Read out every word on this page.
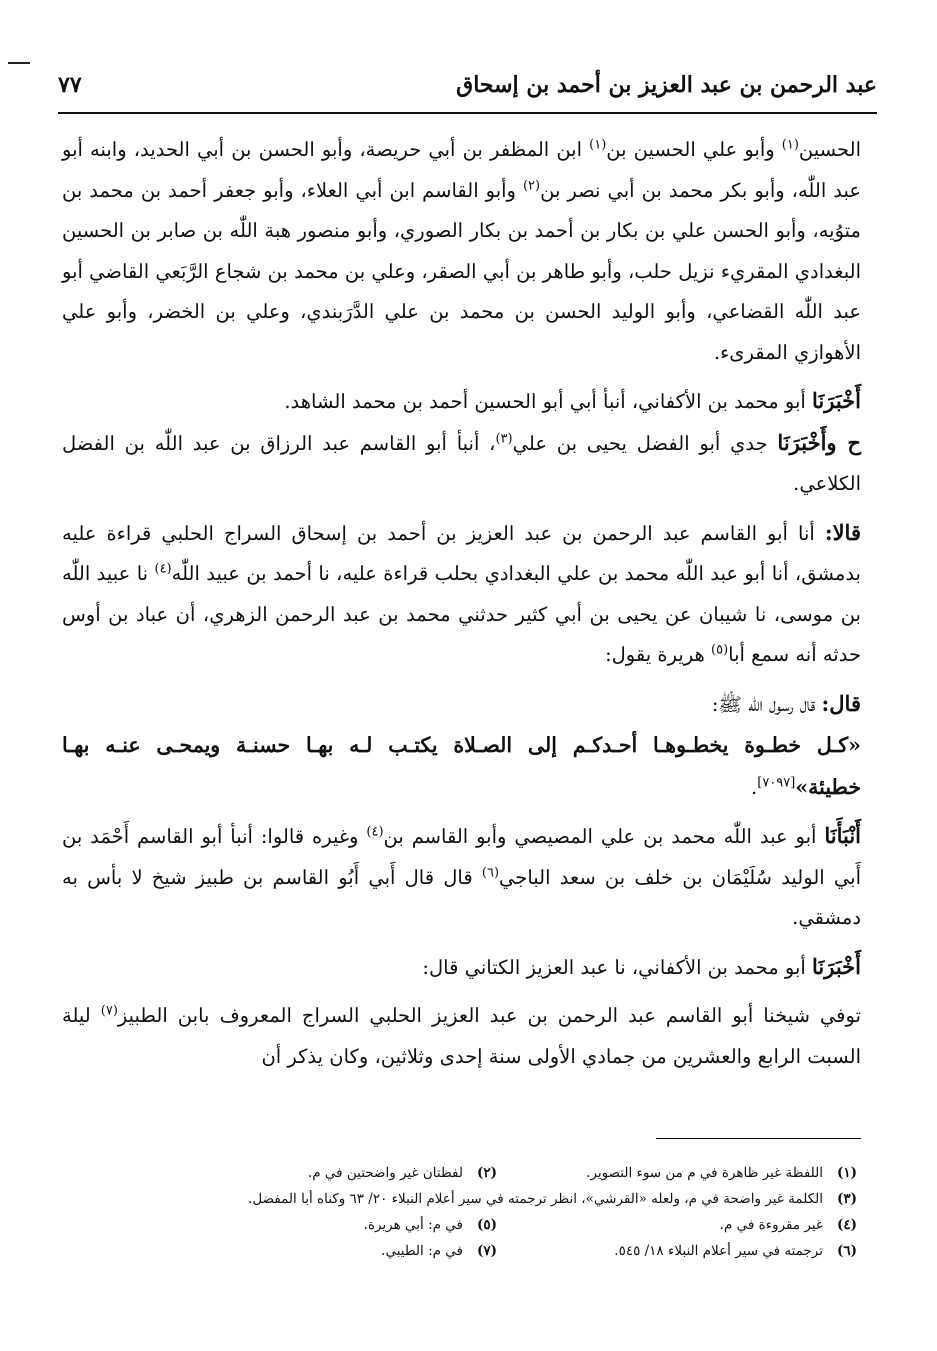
عبد الرحمن بن عبد العزيز بن أحمد بن إسحاق
٧٧

الحسين$^{(١)}$ وأبو علي الحسين بن$^{(١)}$ ابن المظفر بن أبي حريصة، وأبو الحسن بن أبي الحديد، وابنه أبو عبد اللّٰه، وأبو بكر محمد بن أبي نصر بن$^{(٢)}$ وأبو القاسم ابن أبي العلاء، وأبو جعفر أحمد بن محمد بن متوُيه، وأبو الحسن علي بن بكار بن أحمد بن بكار الصوري، وأبو منصور هبة اللّٰه بن صابر بن الحسين البغدادي المقريء نزيل حلب، وأبو طاهر بن أبي الصقر، وعلي بن محمد بن شجاع الرَّبَعي القاضي أبو عبد اللّٰه القضاعي، وأبو الوليد الحسن بن محمد بن علي الدَّرَبندي، وعلي بن الخضر، وأبو علي الأهوازي المقرىء.

أَخْبَرَنَا أبو محمد بن الأكفاني، أنبأ أبي أبو الحسين أحمد بن محمد الشاهد.

ح وأَخْبَرَنَا جدي أبو الفضل يحيى بن علي$^{(٣)}$، أنبأ أبو القاسم عبد الرزاق بن عبد اللّٰه بن الفضل الكلاعي.

قالا: أنا أبو القاسم عبد الرحمن بن عبد العزيز بن أحمد بن إسحاق السراج الحلبي قراءة عليه بدمشق، أنا أبو عبد اللّٰه محمد بن علي البغدادي بحلب قراءة عليه، نا أحمد بن عبيد اللّٰه$^{(٤)}$ نا عبيد اللّٰه بن موسى، نا شيبان عن يحيى بن أبي كثير حدثني محمد بن عبد الرحمن الزهري، أن عباد بن أوس حدثه أنه سمع أبا$^{(٥)}$ هريرة يقول:

قال: قال رسول اللّٰه ﷺ:

«كـل خطـوة يخطـوهـا أحـدكـم إلى الصـلاة يكتـب لـه بهـا حسنـة ويمحـى عنـه بهـا خطيئة»[٧٠٩٧].

أَنْبَأَنَا أبو عبد اللّٰه محمد بن علي المصيصي وأبو القاسم بن$^{(٤)}$ وغيره قالوا: أنبأ أبو القاسم أَحْمَد بن أَبي الوليد سُلَيْمَان بن خلف بن سعد الباجي$^{(٦)}$ قال قال أَبي أَبُو القاسم بن طبيز شيخ لا بأس به دمشقي.

أَخْبَرَنَا أبو محمد بن الأكفاني، نا عبد العزيز الكتاني قال:

توفي شيخنا أبو القاسم عبد الرحمن بن عبد العزيز الحلبي السراج المعروف بابن الطبيز$^{(٧)}$ ليلة السبت الرابع والعشرين من جمادي الأولى سنة إحدى وثلاثين، وكان يذكر أن

(١)اللفظة غير ظاهرة في م من سوء التصوير.
(٢)لفظتان غير واضحتين في م.
(٣)الكلمة غير واضحة في م، ولعله «القرشي»، انظر ترجمته في سير أعلام النبلاء ٢٠/ ٦٣ وكناه أبا المفضل.
(٤)غير مقروءة في م.
(٥)في م: أبي هريرة.
(٦)ترجمته في سير أعلام النبلاء ١٨/ ٥٤٥.
(٧)في م: الطيبي.
